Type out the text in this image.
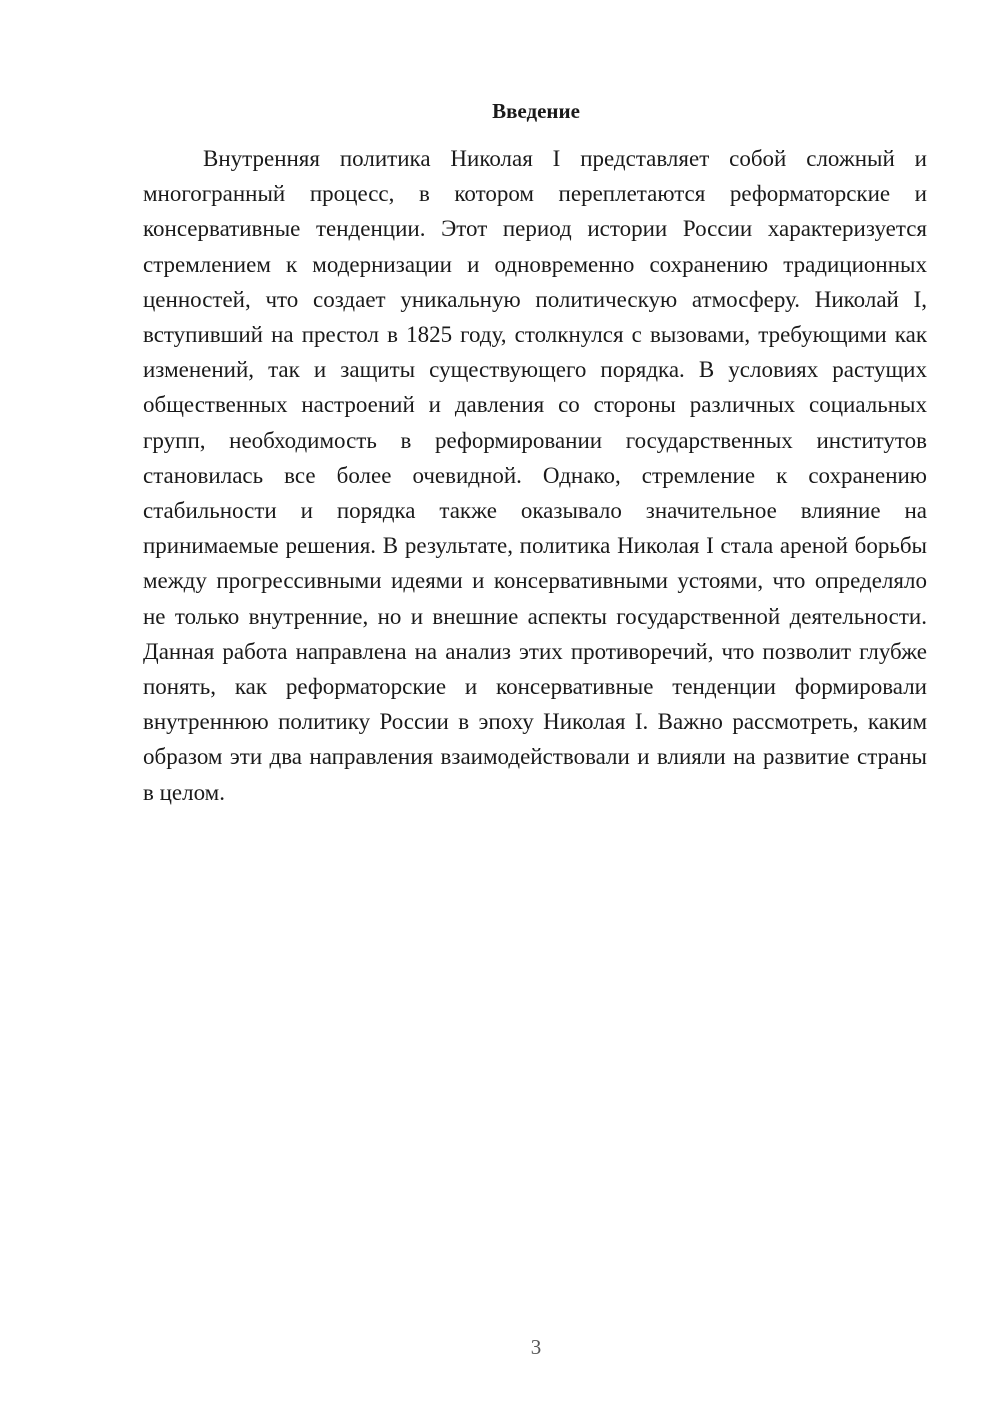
Введение

Внутренняя политика Николая I представляет собой сложный и многогранный процесс, в котором переплетаются реформаторские и консервативные тенденции. Этот период истории России характеризуется стремлением к модернизации и одновременно сохранению традиционных ценностей, что создает уникальную политическую атмосферу. Николай I, вступивший на престол в 1825 году, столкнулся с вызовами, требующими как изменений, так и защиты существующего порядка. В условиях растущих общественных настроений и давления со стороны различных социальных групп, необходимость в реформировании государственных институтов становилась все более очевидной. Однако, стремление к сохранению стабильности и порядка также оказывало значительное влияние на принимаемые решения. В результате, политика Николая I стала ареной борьбы между прогрессивными идеями и консервативными устоями, что определяло не только внутренние, но и внешние аспекты государственной деятельности. Данная работа направлена на анализ этих противоречий, что позволит глубже понять, как реформаторские и консервативные тенденции формировали внутреннюю политику России в эпоху Николая I. Важно рассмотреть, каким образом эти два направления взаимодействовали и влияли на развитие страны в целом.

3
